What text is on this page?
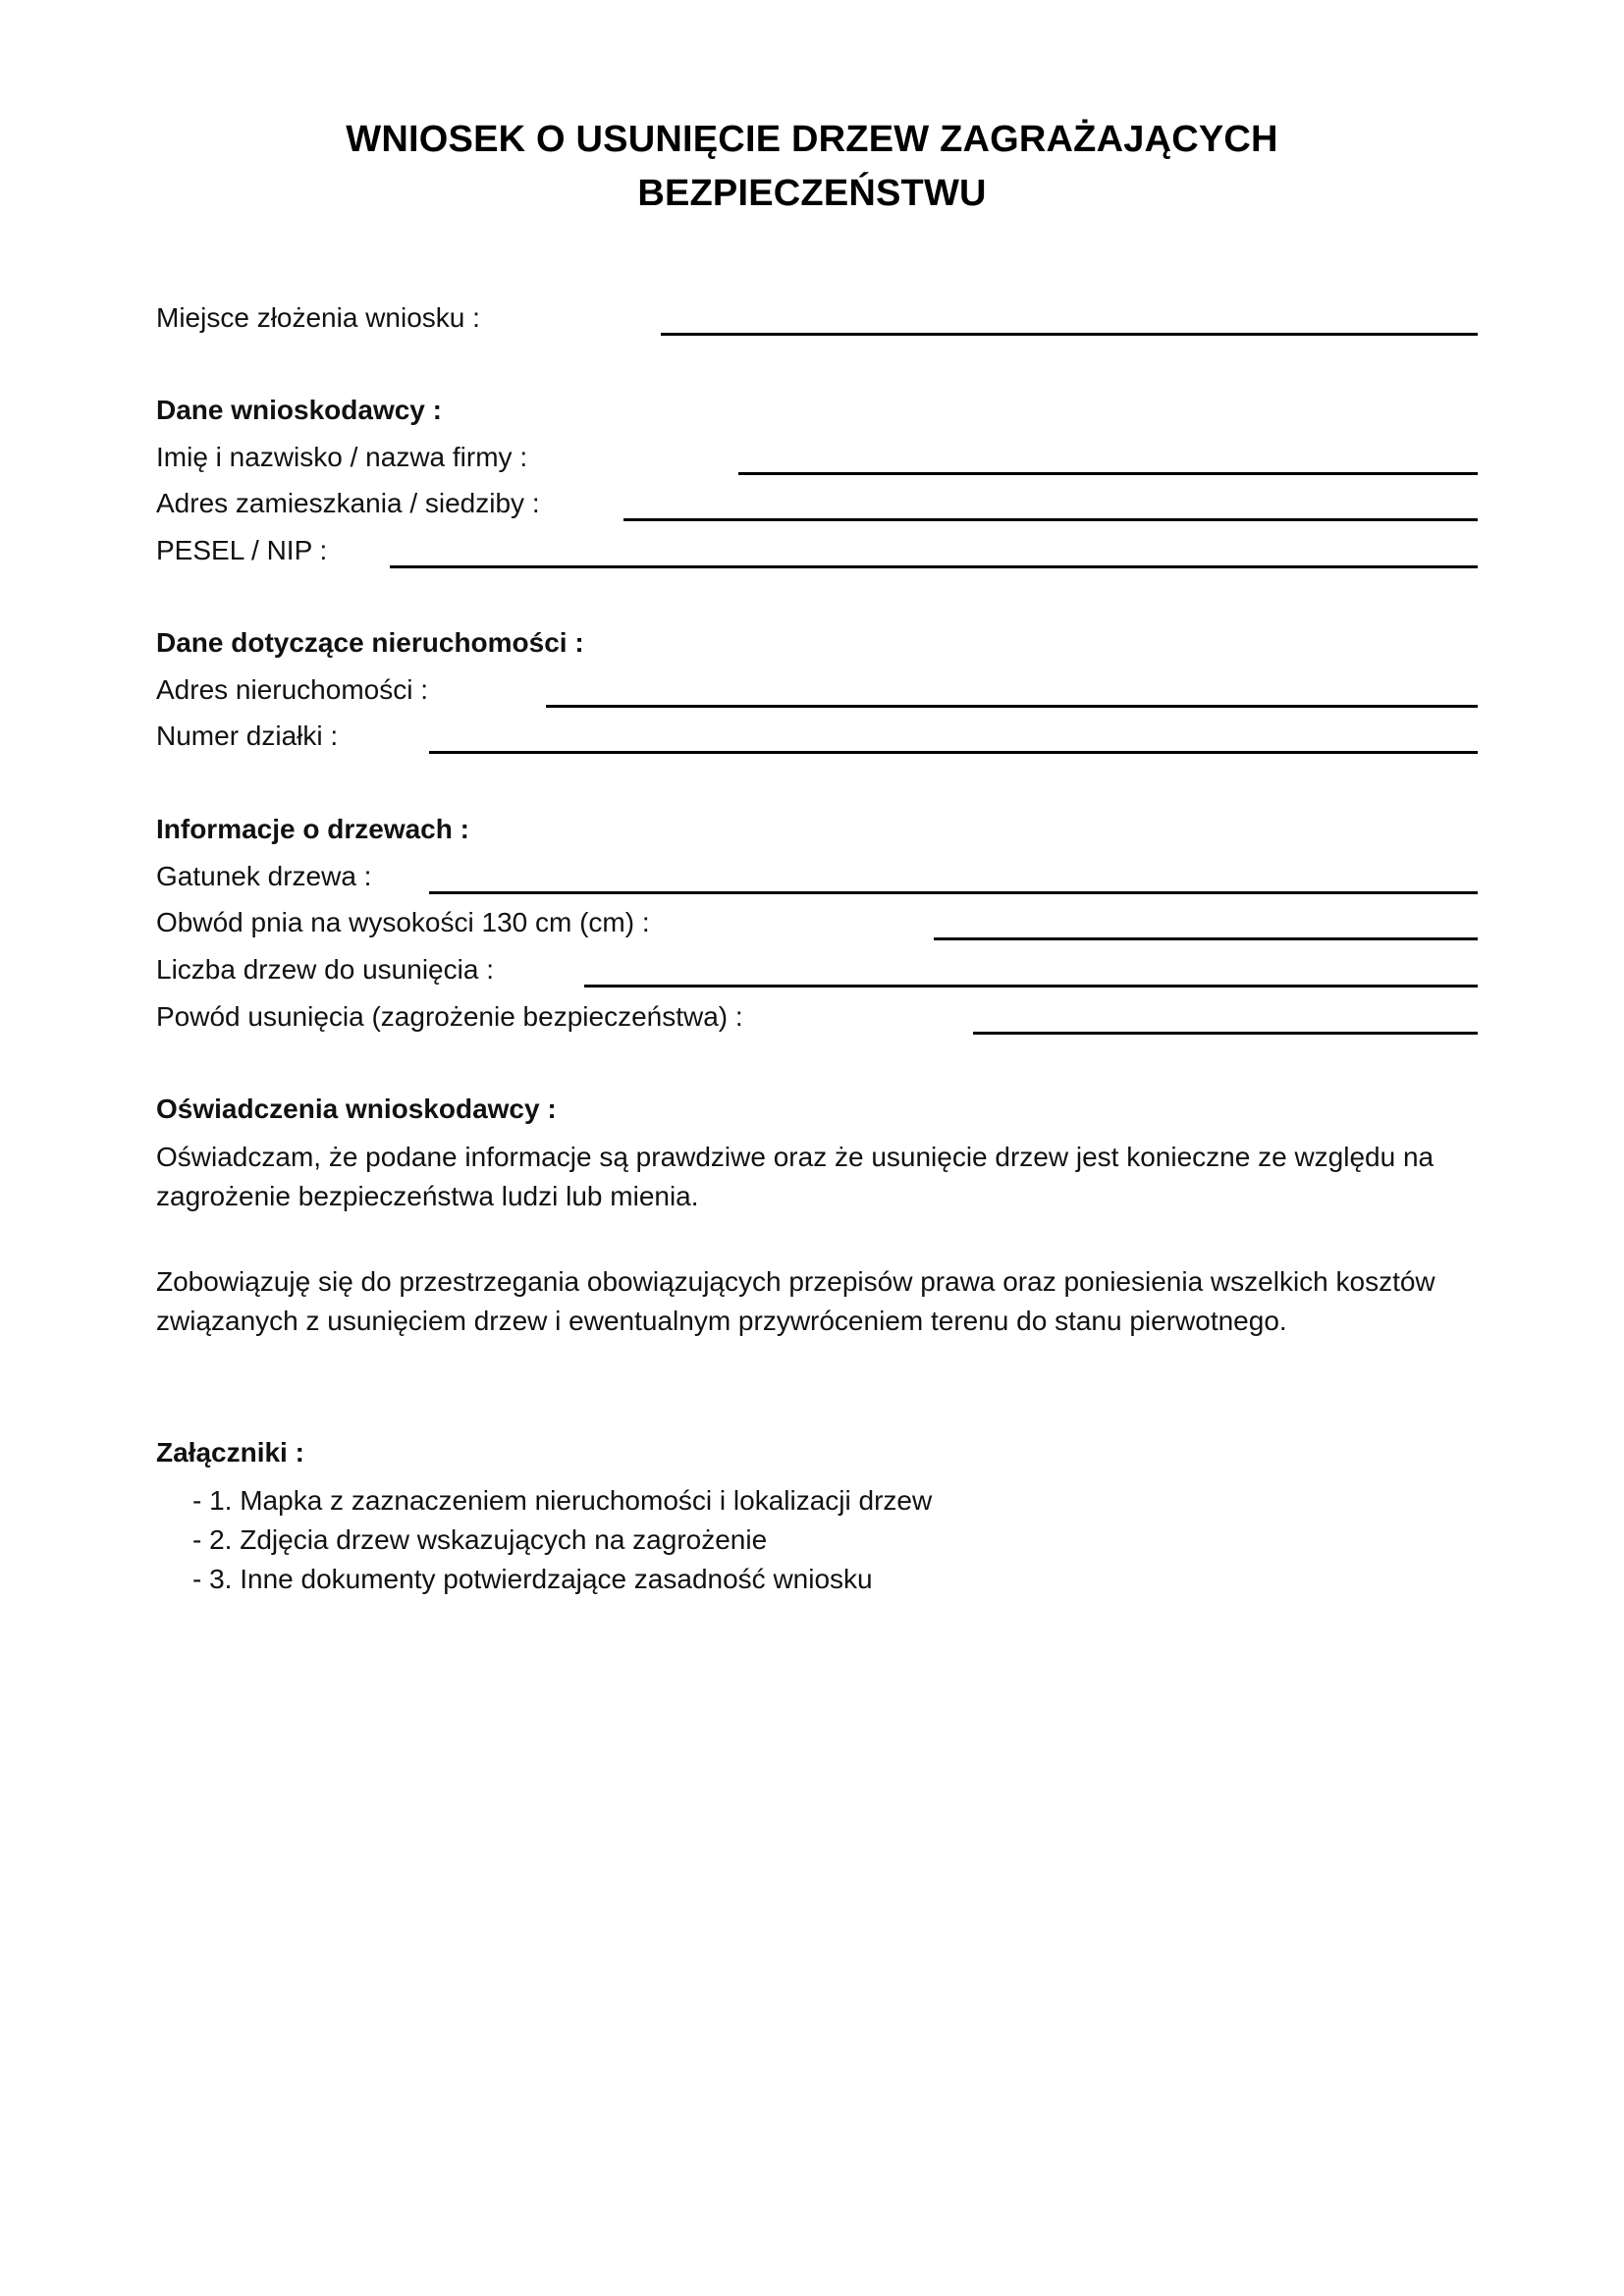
WNIOSEK O USUNIĘCIE DRZEW ZAGRAŻAJĄCYCH
BEZPIECZEŃSTWU
Miejsce złożenia wniosku :
Dane wnioskodawcy :
Imię i nazwisko / nazwa firmy :
Adres zamieszkania / siedziby :
PESEL / NIP :
Dane dotyczące nieruchomości :
Adres nieruchomości :
Numer działki :
Informacje o drzewach :
Gatunek drzewa :
Obwód pnia na wysokości 130 cm (cm) :
Liczba drzew do usunięcia :
Powód usunięcia (zagrożenie bezpieczeństwa) :
Oświadczenia wnioskodawcy :
Oświadczam, że podane informacje są prawdziwe oraz że usunięcie drzew jest konieczne ze względu na zagrożenie bezpieczeństwa ludzi lub mienia.
Zobowiązuję się do przestrzegania obowiązujących przepisów prawa oraz poniesienia wszelkich kosztów związanych z usunięciem drzew i ewentualnym przywróceniem terenu do stanu pierwotnego.
Załączniki :
- 1. Mapka z zaznaczeniem nieruchomości i lokalizacji drzew
- 2. Zdjęcia drzew wskazujących na zagrożenie
- 3. Inne dokumenty potwierdzające zasadność wniosku
